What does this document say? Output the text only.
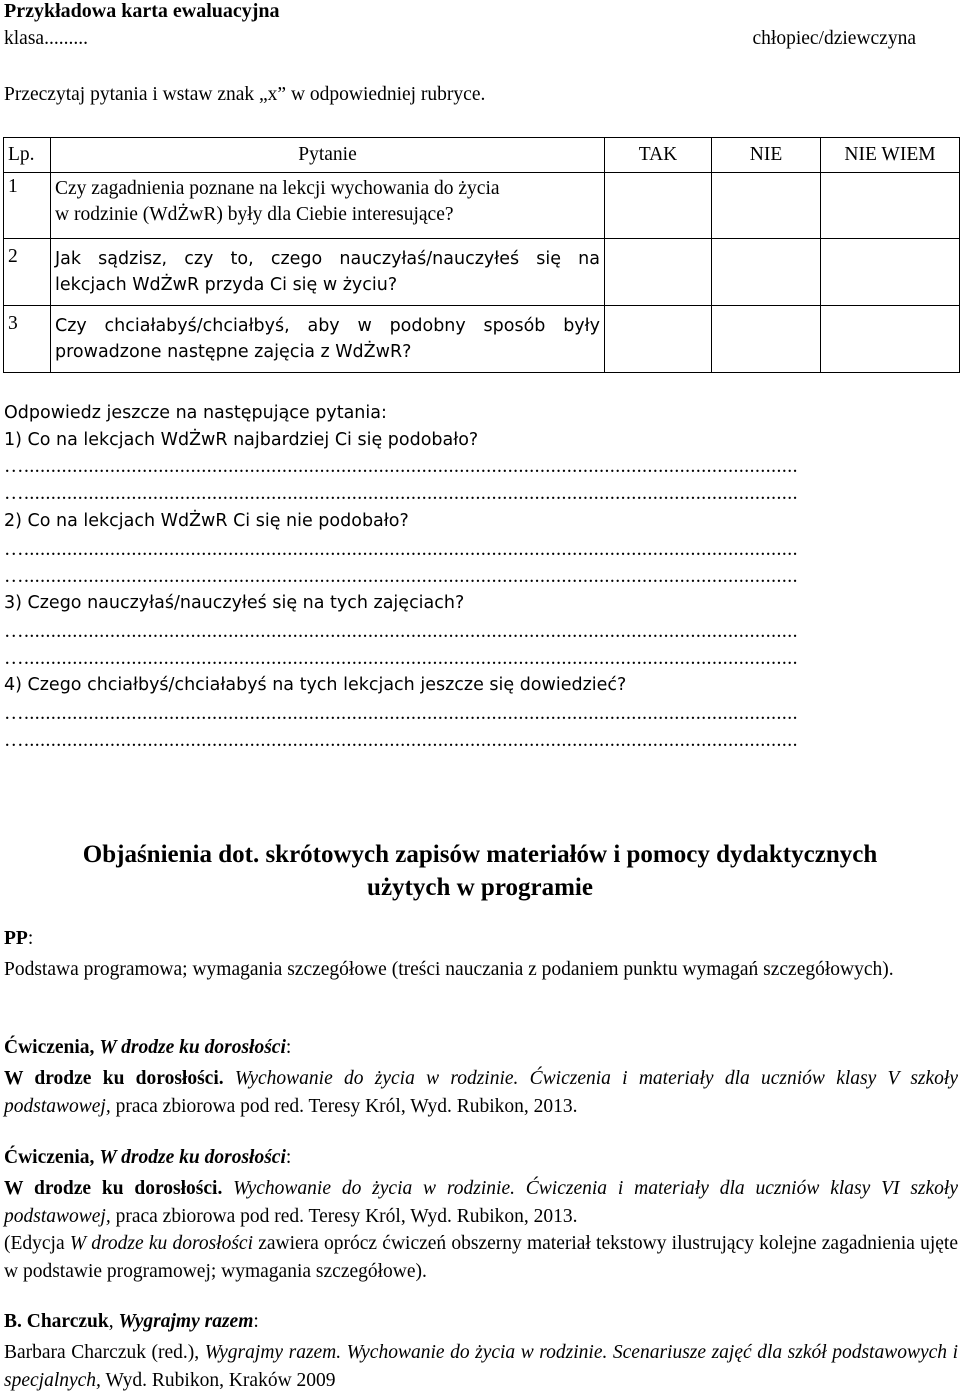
Przykładowa karta ewaluacyjna
klasa.........	chłopiec/dziewczyna
Przeczytaj pytania i wstaw znak „x” w odpowiedniej rubryce.
Lp.	Pytanie	TAK	NIE	NIE WIEM
1	Czy zagadnienia poznane na lekcji wychowania do życia
w rodzinie (WdŻwR) były dla Ciebie interesujące?			

2	Jak sądzisz, czy to, czego nauczyłaś/nauczyłeś się na
lekcjach WdŻwR przyda Ci się w życiu?			

3	Czy chciałabyś/chciałbyś, aby w podobny sposób były
prowadzone następne zajęcia z WdŻwR?			

Odpowiedz jeszcze na następujące pytania:
1) Co na lekcjach WdŻwR najbardziej Ci się podobało?
…................................................................................................................................................
…................................................................................................................................................
2) Co na lekcjach WdŻwR Ci się nie podobało?
…................................................................................................................................................
…................................................................................................................................................
3) Czego nauczyłaś/nauczyłeś się na tych zajęciach?
…................................................................................................................................................
…................................................................................................................................................
4) Czego chciałbyś/chciałabyś na tych lekcjach jeszcze się dowiedzieć?
…................................................................................................................................................
…................................................................................................................................................
Objaśnienia dot. skrótowych zapisów materiałów i pomocy dydaktycznych
użytych w programie
PP:
Podstawa programowa; wymagania szczegółowe (treści nauczania z podaniem punktu wymagań szczegółowych).
Ćwiczenia, W drodze ku dorosłości:
W drodze ku dorosłości. Wychowanie do życia w rodzinie. Ćwiczenia i materiały dla uczniów klasy V szkoły podstawowej, praca zbiorowa pod red. Teresy Król, Wyd. Rubikon, 2013.
Ćwiczenia, W drodze ku dorosłości:
W drodze ku dorosłości. Wychowanie do życia w rodzinie. Ćwiczenia i materiały dla uczniów klasy VI szkoły podstawowej, praca zbiorowa pod red. Teresy Król, Wyd. Rubikon, 2013.
(Edycja W drodze ku dorosłości zawiera oprócz ćwiczeń obszerny materiał tekstowy ilustrujący kolejne zagadnienia ujęte w podstawie programowej; wymagania szczegółowe).
B. Charczuk, Wygrajmy razem:
Barbara Charczuk (red.), Wygrajmy razem. Wychowanie do życia w rodzinie. Scenariusze zajęć dla szkół podstawowych i specjalnych, Wyd. Rubikon, Kraków 2009
